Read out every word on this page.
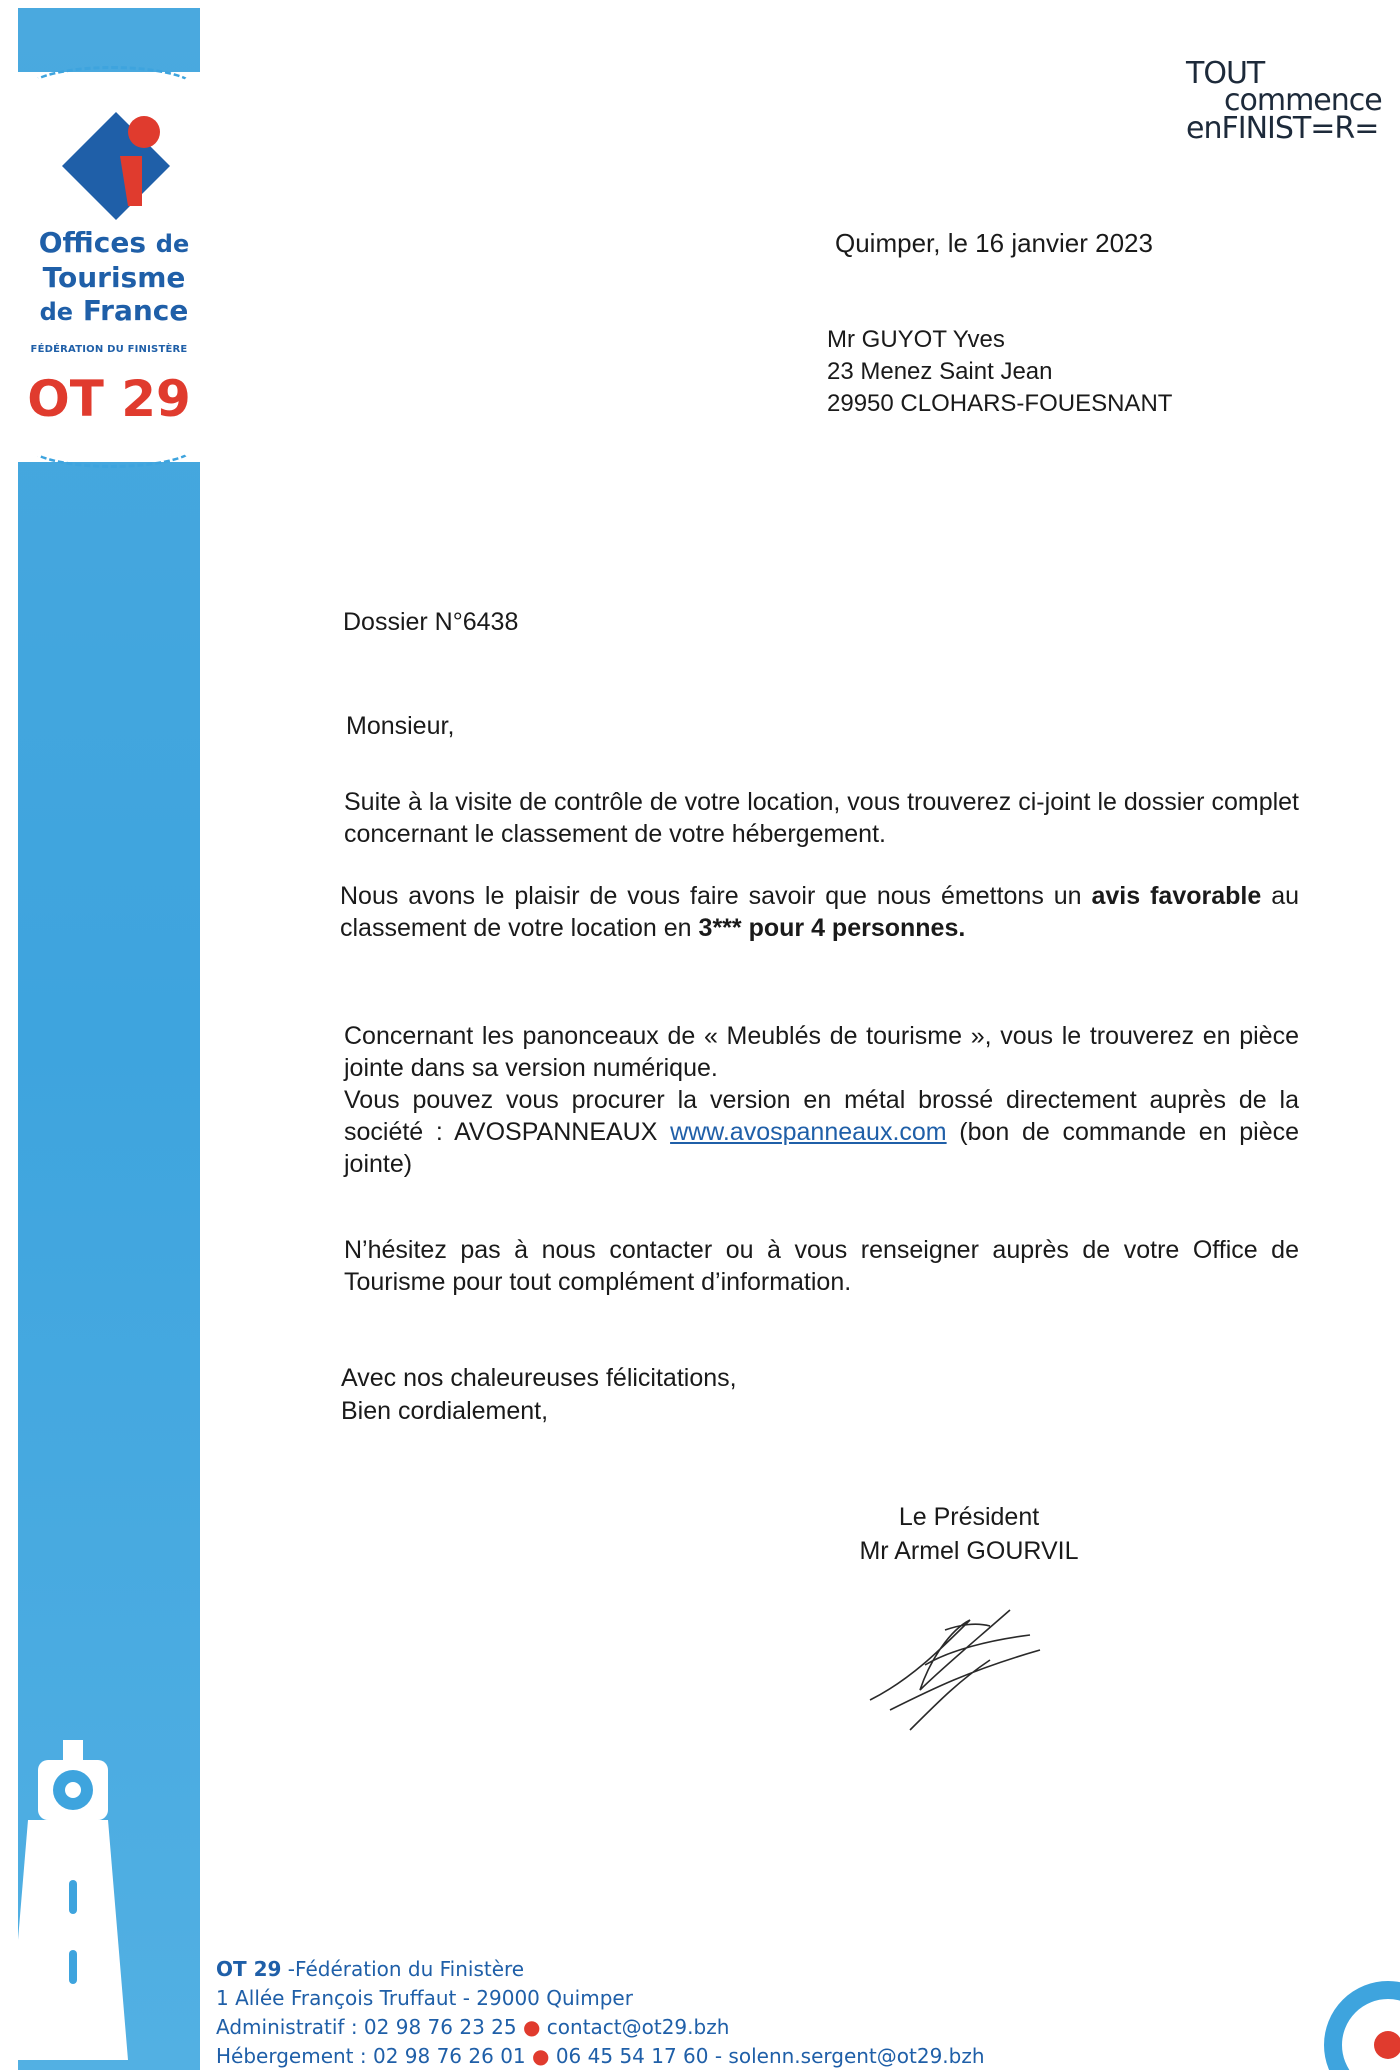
Offices de
Tourisme
de France
FÉDÉRATION DU FINISTÈRE
OT 29
TOUT
commence
enFINIST=R=
Quimper, le 16 janvier 2023
Mr GUYOT Yves
23 Menez Saint Jean
29950 CLOHARS-FOUESNANT
Dossier N°6438
Monsieur,
Suite à la visite de contrôle de votre location, vous trouverez ci-joint le dossier complet concernant le classement de votre hébergement.
Nous avons le plaisir de vous faire savoir que nous émettons un avis favorable au classement de votre location en 3*** pour 4 personnes.
Concernant les panonceaux de « Meublés de tourisme », vous le trouverez en pièce jointe dans sa version numérique.
Vous pouvez vous procurer la version en métal brossé directement auprès de la société : AVOSPANNEAUX www.avospanneaux.com (bon de commande en pièce jointe)
N’hésitez pas à nous contacter ou à vous renseigner auprès de votre Office de Tourisme pour tout complément d’information.
Avec nos chaleureuses félicitations,
Bien cordialement,
Le Président
Mr Armel GOURVIL
OT 29 -Fédération du Finistère
1 Allée François Truffaut - 29000 Quimper
Administratif : 02 98 76 23 25 ● contact@ot29.bzh
Hébergement : 02 98 76 26 01 ● 06 45 54 17 60 - solenn.sergent@ot29.bzh
